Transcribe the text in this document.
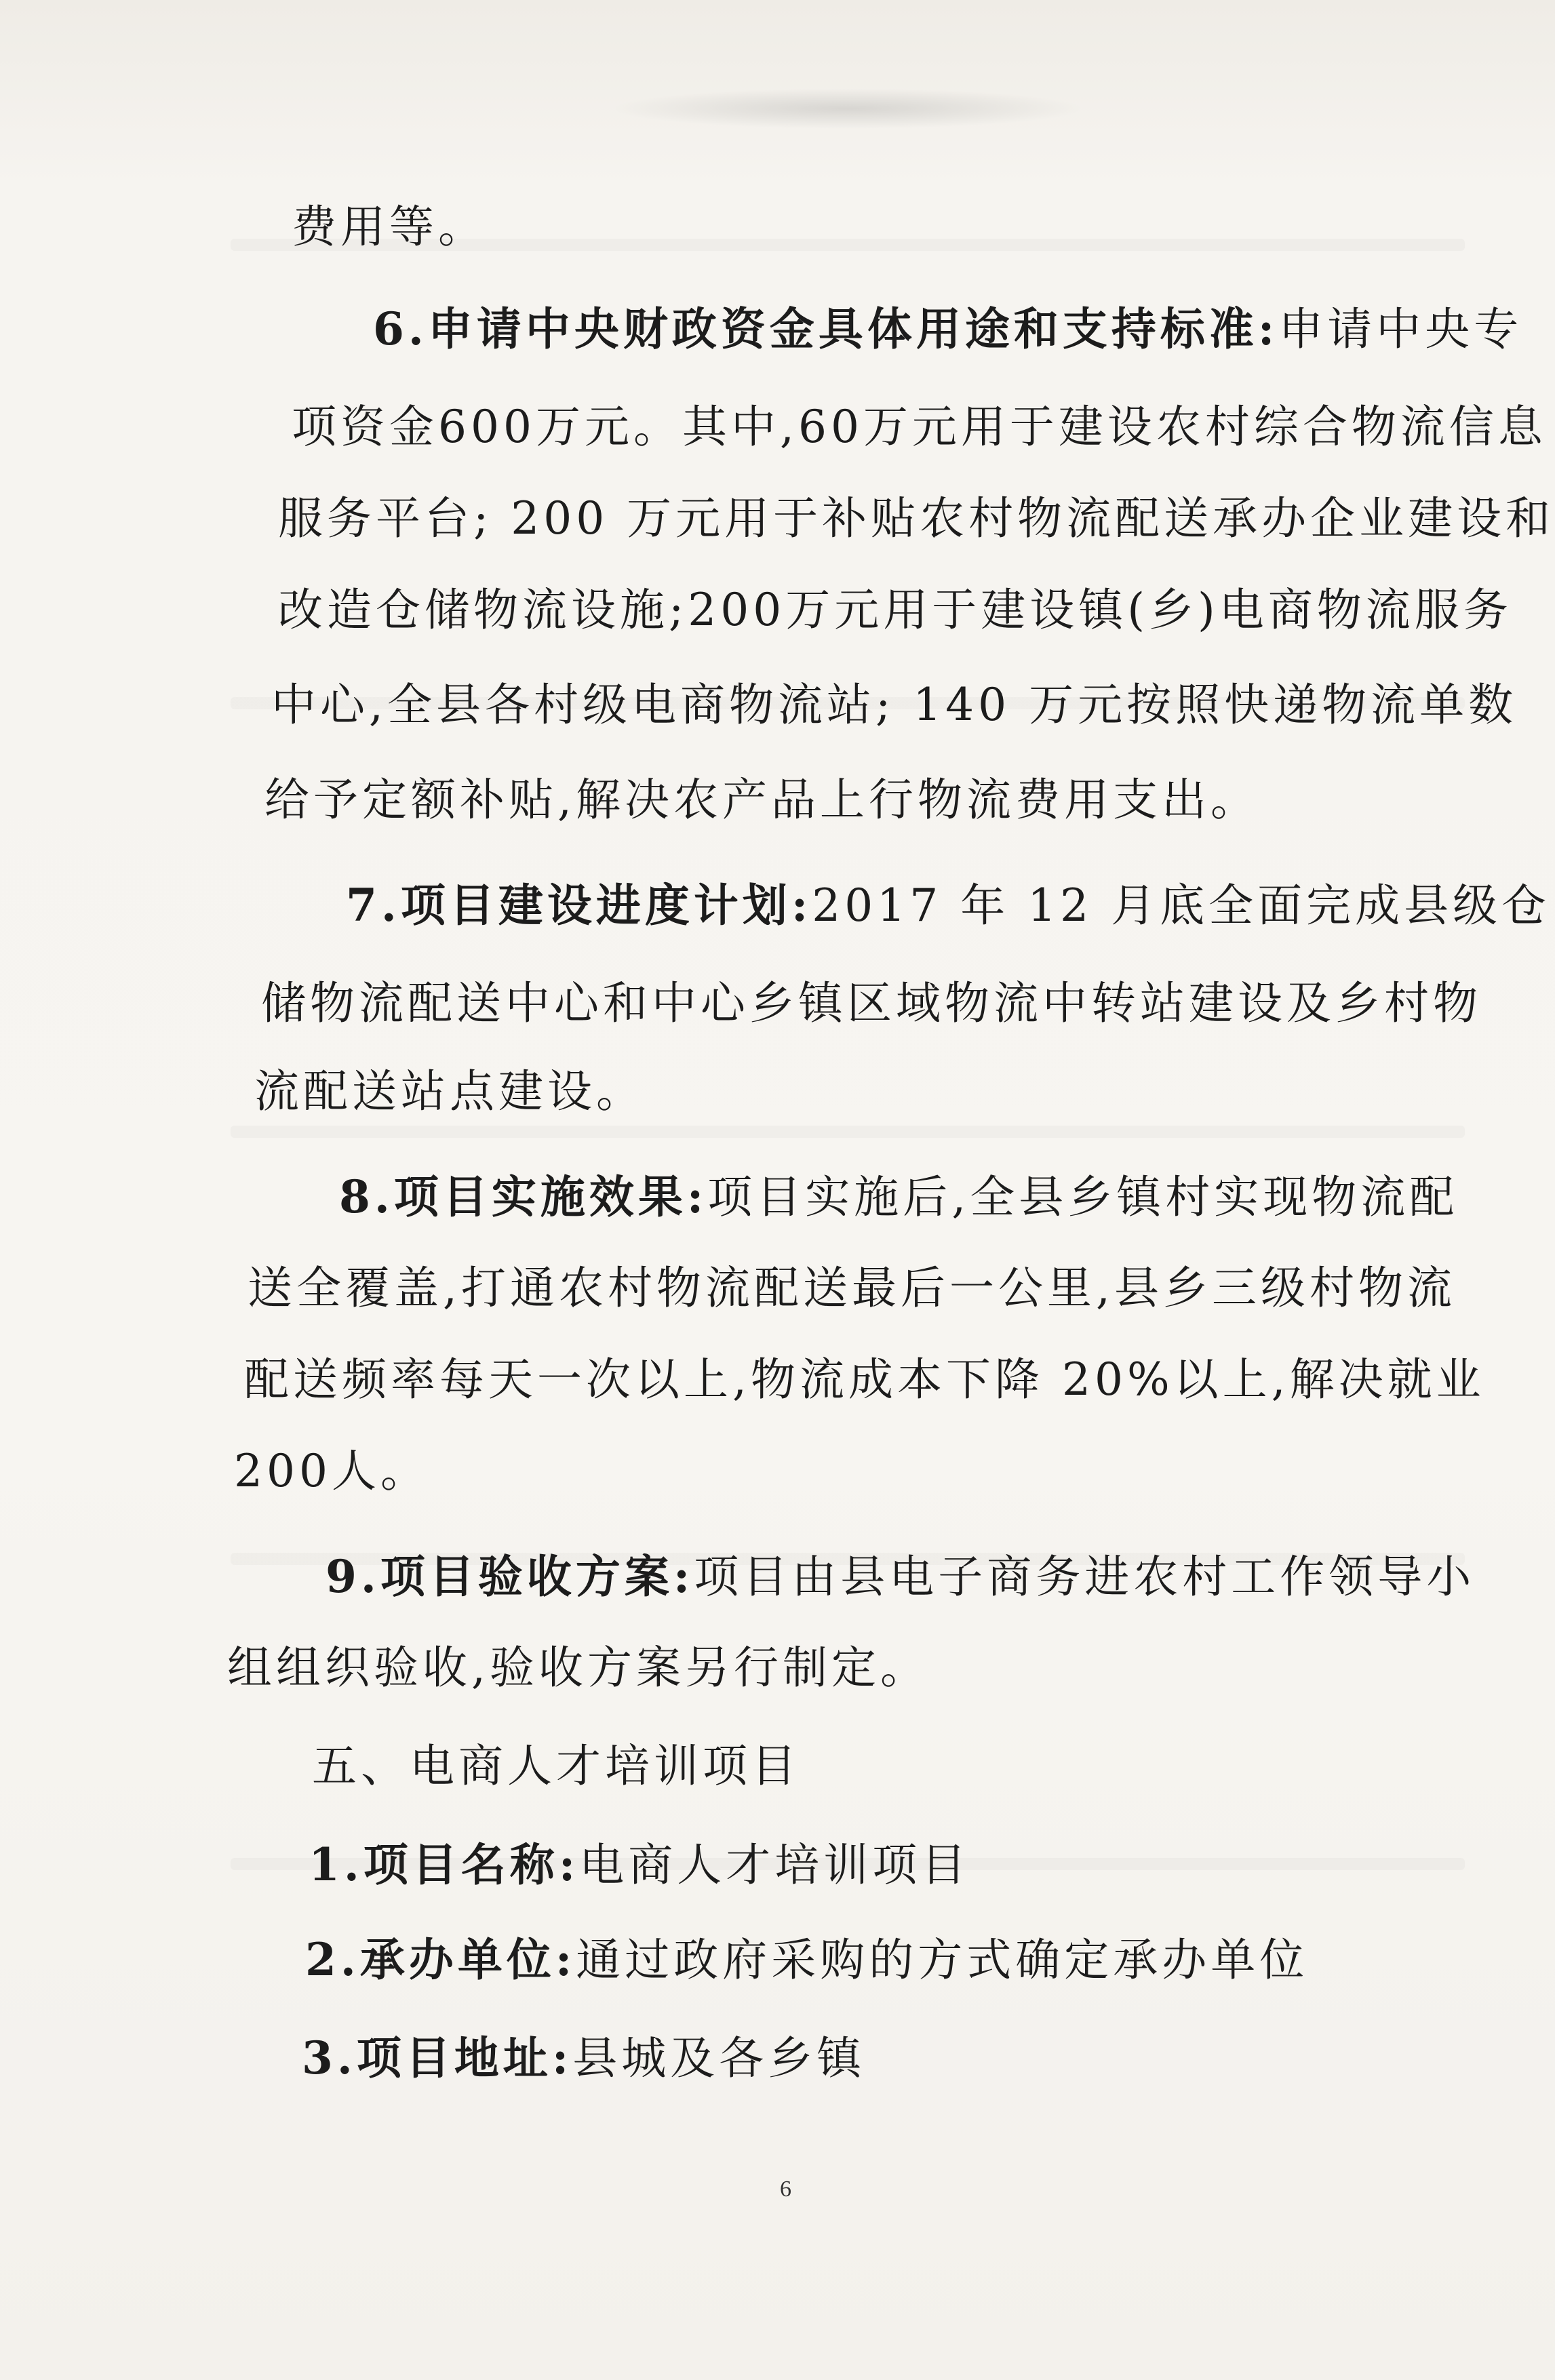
费用等。
6.申请中央财政资金具体用途和支持标准:申请中央专
项资金600万元。其中,60万元用于建设农村综合物流信息
服务平台; 200 万元用于补贴农村物流配送承办企业建设和
改造仓储物流设施;200万元用于建设镇(乡)电商物流服务
中心,全县各村级电商物流站; 140 万元按照快递物流单数
给予定额补贴,解决农产品上行物流费用支出。
7.项目建设进度计划:2017 年 12 月底全面完成县级仓
储物流配送中心和中心乡镇区域物流中转站建设及乡村物
流配送站点建设。
8.项目实施效果:项目实施后,全县乡镇村实现物流配
送全覆盖,打通农村物流配送最后一公里,县乡三级村物流
配送频率每天一次以上,物流成本下降 20%以上,解决就业
200人。
9.项目验收方案:项目由县电子商务进农村工作领导小
组组织验收,验收方案另行制定。
五、电商人才培训项目
1.项目名称:电商人才培训项目
2.承办单位:通过政府采购的方式确定承办单位
3.项目地址:县城及各乡镇
6
